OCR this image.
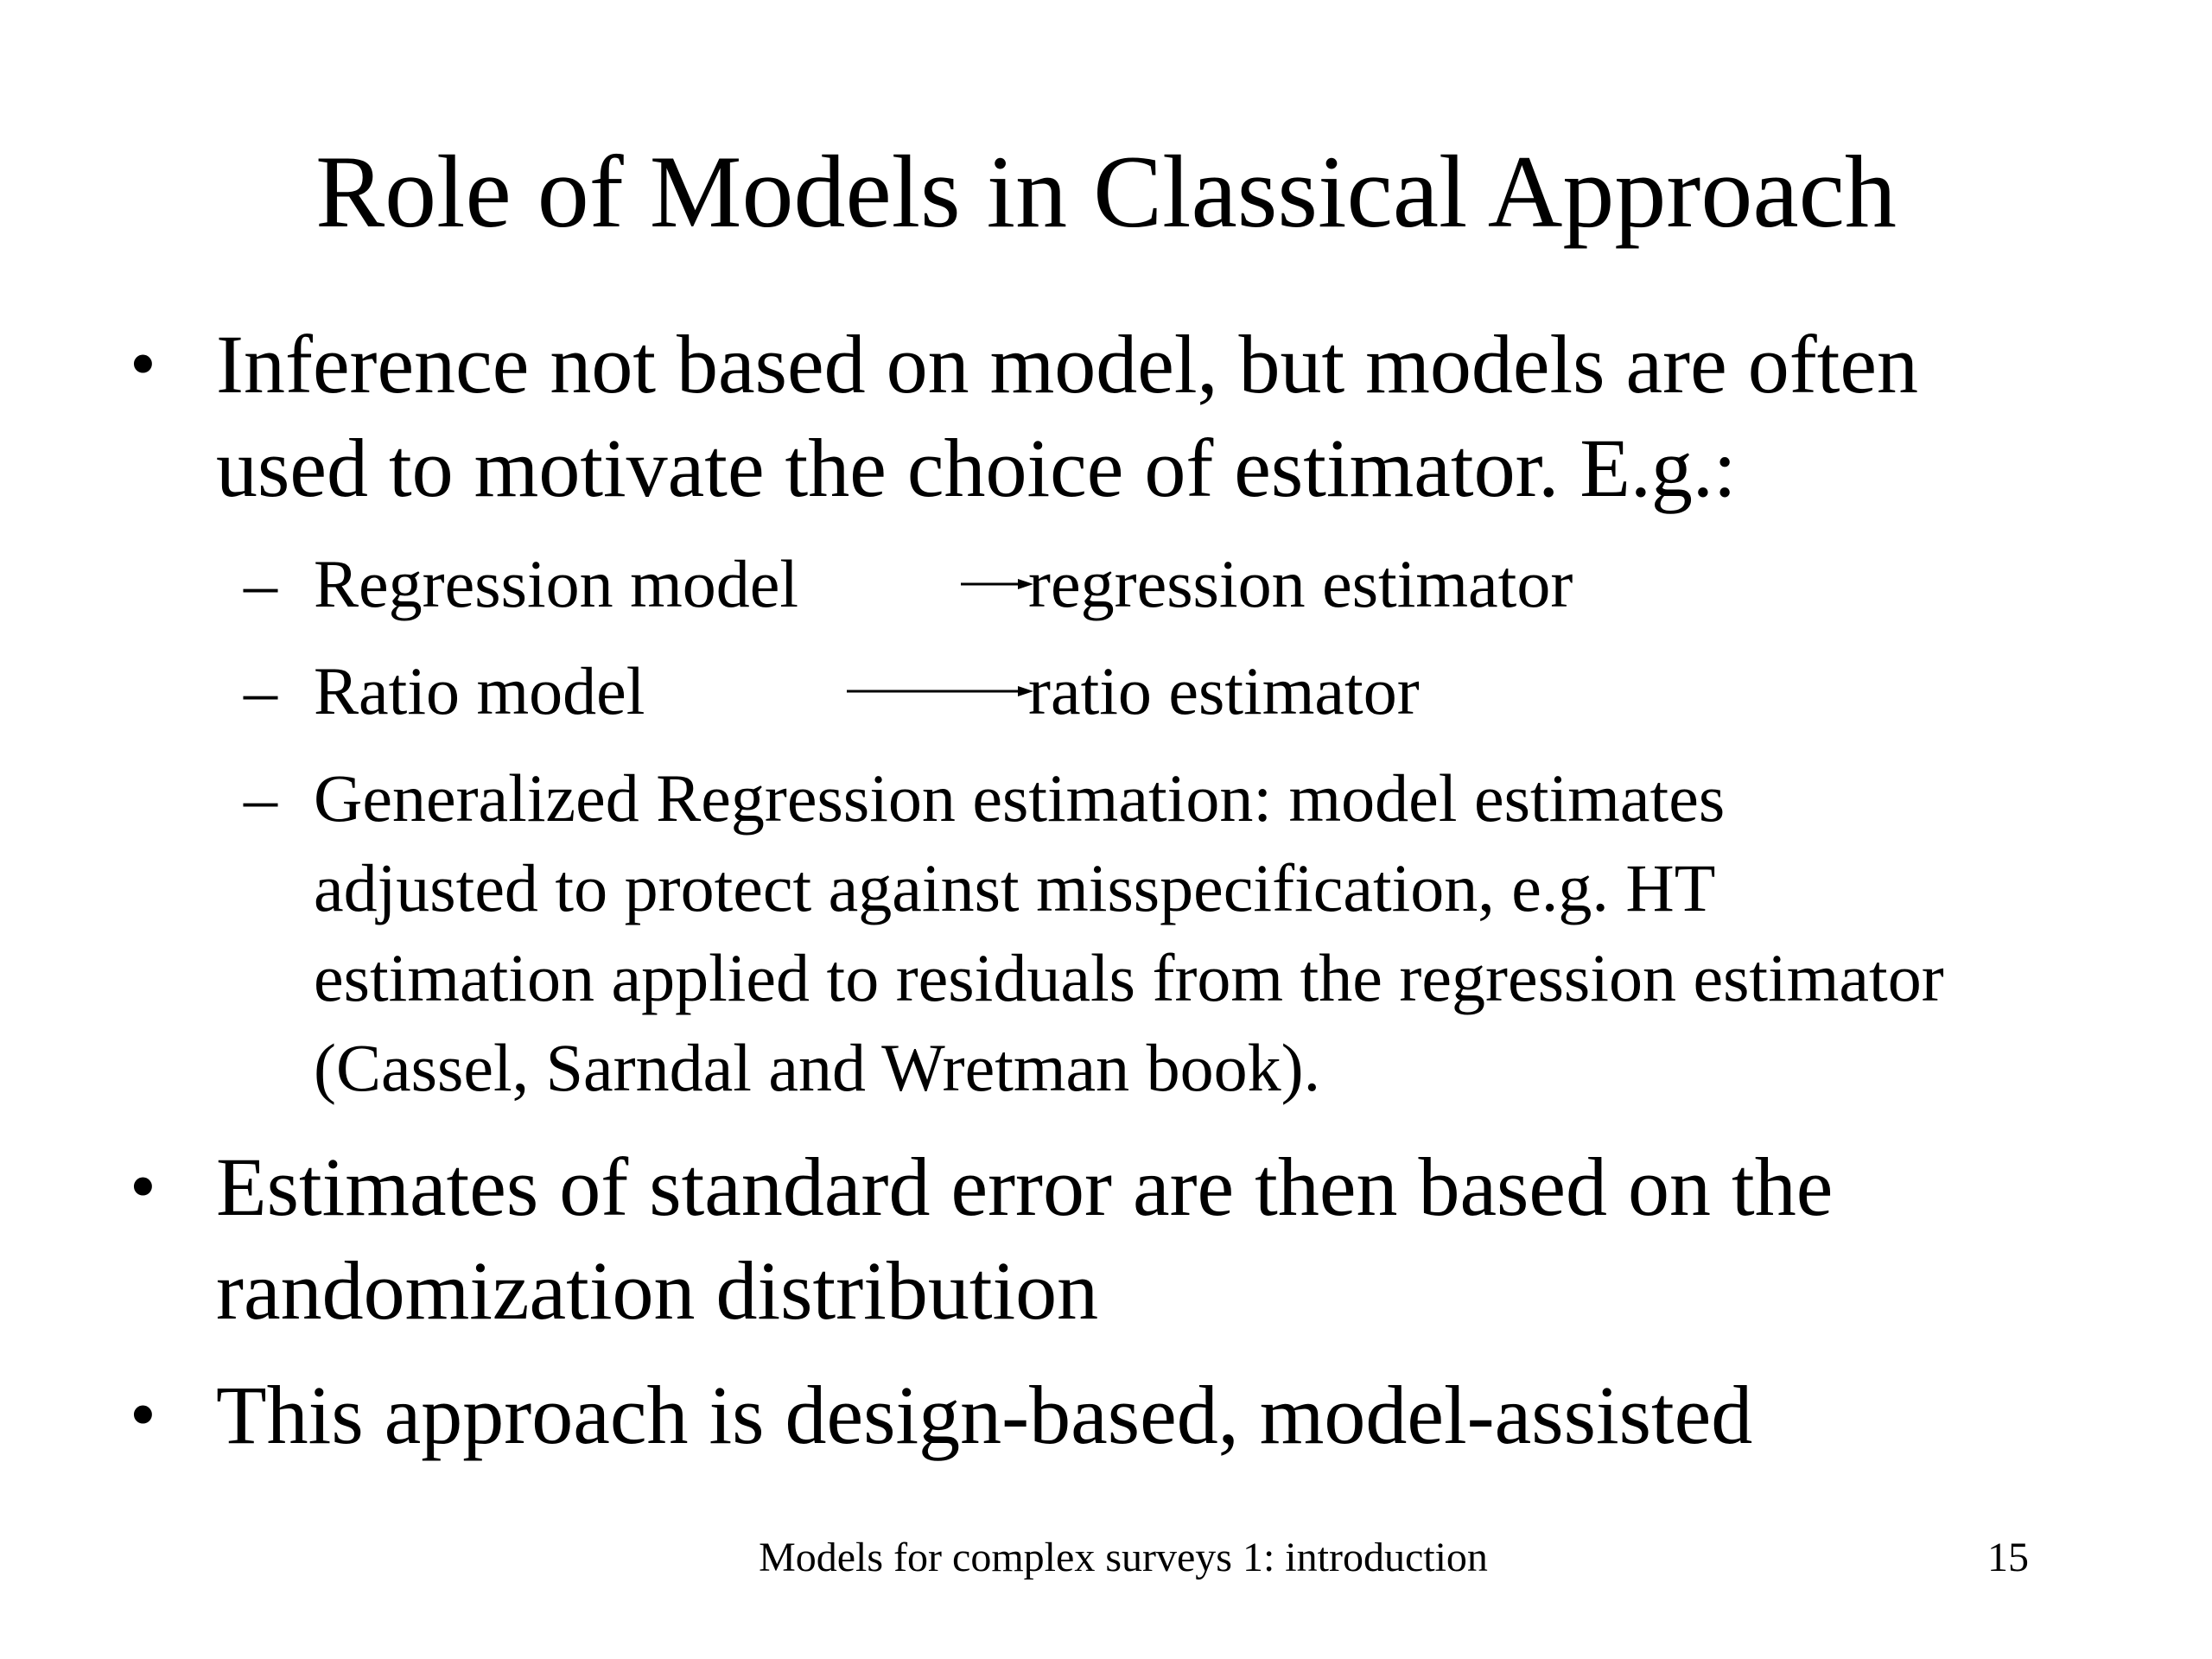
Role of Models in Classical Approach
• Inference not based on model, but models are often
used to motivate the choice of estimator. E.g.:
– Regression model	regression estimator
– Ratio model	ratio estimator
– Generalized Regression estimation: model estimates
adjusted to protect against misspecification, e.g. HT
estimation applied to residuals from the regression estimator
(Cassel, Sarndal and Wretman book).
• Estimates of standard error are then based on the
randomization distribution
• This approach is design-based, model-assisted
Models for complex surveys 1: introduction	15
